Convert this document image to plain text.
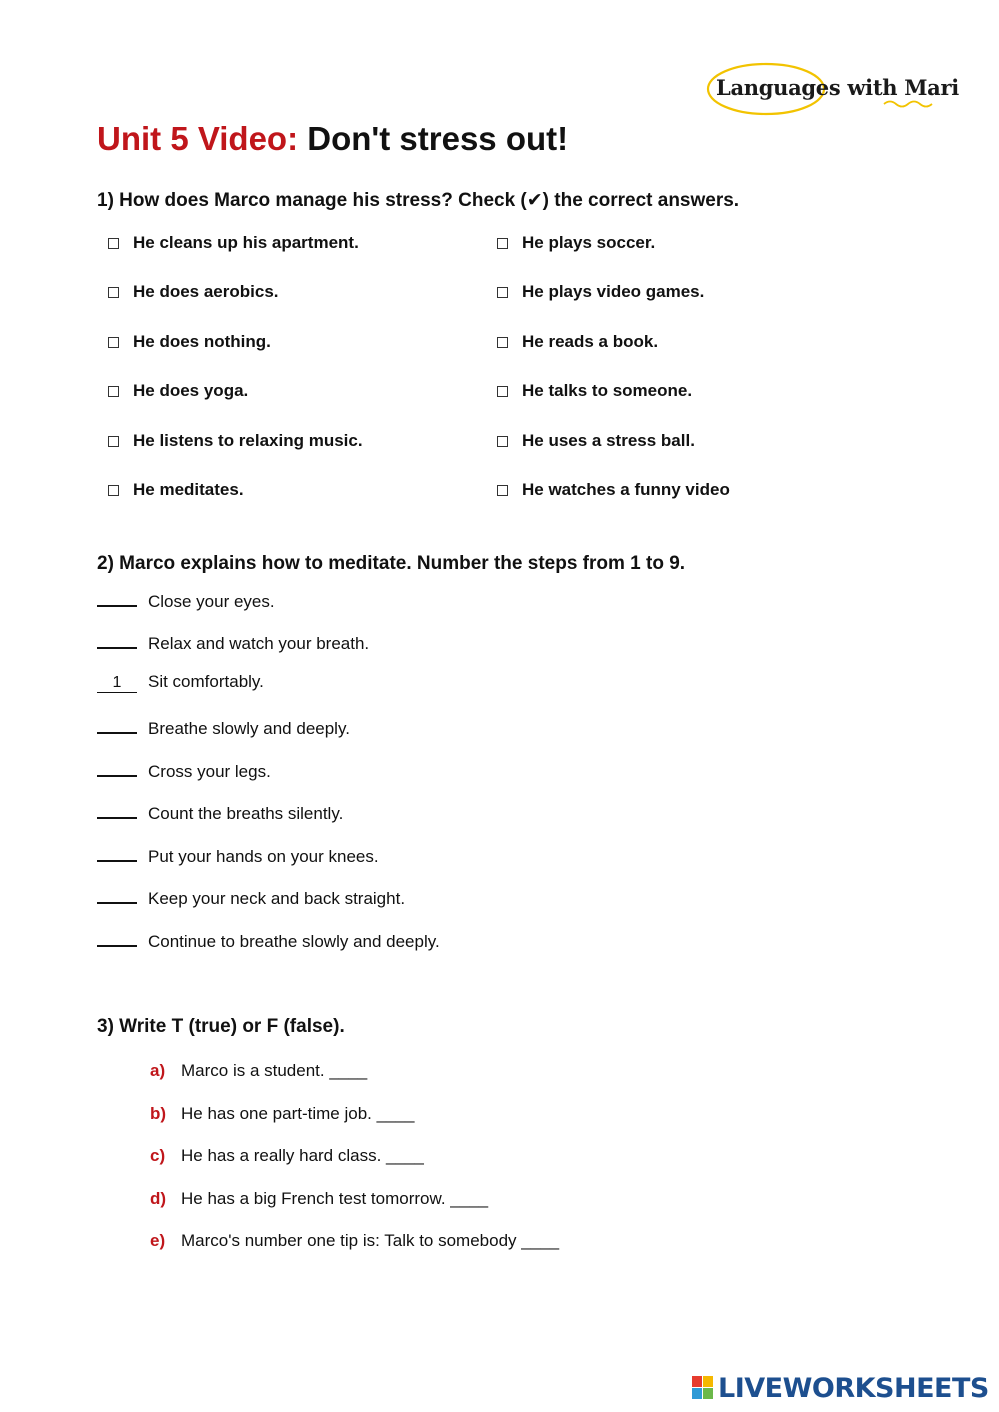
Languages with Mari
Unit 5 Video: Don't stress out!
1) How does Marco manage his stress? Check (✔) the correct answers.
He cleans up his apartment.
He does aerobics.
He does nothing.
He does yoga.
He listens to relaxing music.
He meditates.
He plays soccer.
He plays video games.
He reads a book.
He talks to someone.
He uses a stress ball.
He watches a funny video
2) Marco explains how to meditate. Number the steps from 1 to 9.
Close your eyes.
Relax and watch your breath.
1	Sit comfortably.
Breathe slowly and deeply.
Cross your legs.
Count the breaths silently.
Put your hands on your knees.
Keep your neck and back straight.
Continue to breathe slowly and deeply.
3) Write T (true) or F (false).
a) Marco is a student. ____
b) He has one part-time job. ____
c) He has a really hard class. ____
d) He has a big French test tomorrow. ____
e) Marco's number one tip is: Talk to somebody ____
LIVEWORKSHEETS
